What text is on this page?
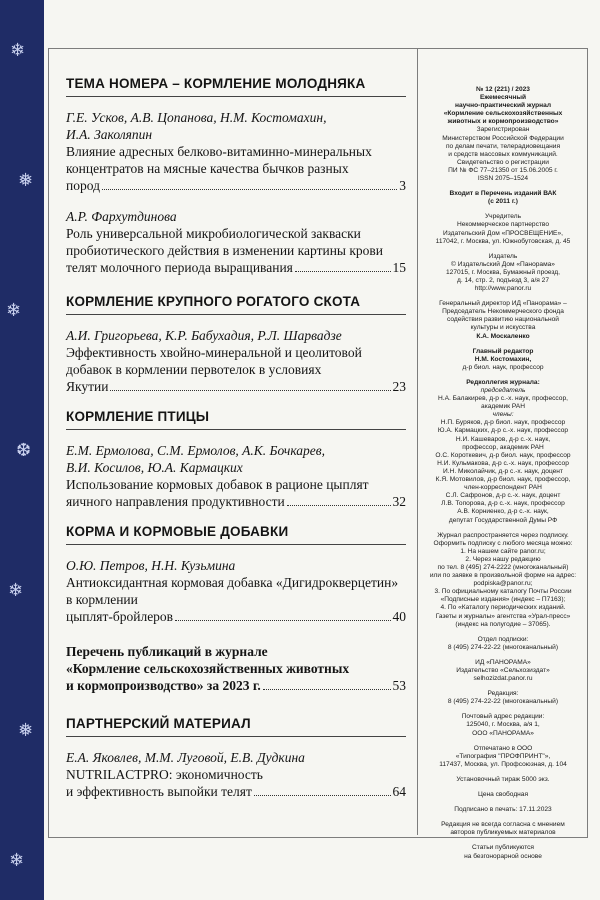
❄
❅
❄
❆
❄
❅
❄

ТЕМА НОМЕРА – КОРМЛЕНИЕ МОЛОДНЯКА

Г.Е. Усков, А.В. Цопанова, Н.М. Костомахин,

И.А. Заколяпин

Влияние адресных белково-витаминно-минеральных

концентратов на мясные качества бычков разных

пород	3

А.Р. Фархутдинова

Роль универсальной микробиологической закваски

пробиотического действия в изменении картины крови

телят молочного периода выращивания	15

КОРМЛЕНИЕ КРУПНОГО РОГАТОГО СКОТА

А.И. Григорьева, К.Р. Бабухадия, Р.Л. Шарвадзе

Эффективность хвойно-минеральной и цеолитовой

добавок в кормлении первотелок в условиях

Якутии	23

КОРМЛЕНИЕ ПТИЦЫ

Е.М. Ермолова, С.М. Ермолов, А.К. Бочкарев,

В.И. Косилов, Ю.А. Кармацких

Использование кормовых добавок в рационе цыплят

яичного направления продуктивности	32

КОРМА И КОРМОВЫЕ ДОБАВКИ

О.Ю. Петров, Н.Н. Кузьмина

Антиоксидантная кормовая добавка «Дигидрокверцетин»

в кормлении

цыплят-бройлеров	40

Перечень публикаций в журнале

«Кормление сельскохозяйственных животных

и кормопроизводство» за 2023 г.	53

ПАРТНЕРСКИЙ МАТЕРИАЛ

Е.А. Яковлев, М.М. Луговой, Е.В. Дудкина

NUTRILACTPRO: экономичность

и эффективность выпойки телят	64

№ 12 (221) / 2023

Ежемесячный

научно-практический журнал

«Кормление сельскохозяйственных

животных и кормопроизводство»

Зарегистрирован

Министерством Российской Федерации

по делам печати, телерадиовещания

и средств массовых коммуникаций.

Свидетельство о регистрации

ПИ № ФС 77–21350 от 15.06.2005 г.

ISSN 2075–1524

Входит в Перечень изданий ВАК

(с 2011 г.)

Учредитель

Некоммерческое партнерство

Издательский Дом «ПРОСВЕЩЕНИЕ»,

117042, г. Москва, ул. Южнобутовская, д. 45

Издатель

© Издательский Дом «Панорама»

127015, г. Москва, Бумажный проезд,

д. 14, стр. 2, подъезд 3, а/я 27

http://www.panor.ru

Генеральный директор ИД «Панорама» –

Председатель Некоммерческого фонда

содействия развитию национальной

культуры и искусства

К.А. Москаленко

Главный редактор

Н.М. Костомахин,

д-р биол. наук, профессор

Редколлегия журнала:

председатель

Н.А. Балакирев, д-р с.-х. наук, профессор,

академик РАН

члены:

Н.П. Буряков, д-р биол. наук, профессор

Ю.А. Кармацких, д-р с.-х. наук, профессор

Н.И. Кашеваров, д-р с.-х. наук,

профессор, академик РАН

О.С. Короткевич, д-р биол. наук, профессор

Н.И. Кульмакова, д-р с.-х. наук, профессор

И.Н. Миколайчик, д-р с.-х. наук, доцент

К.Я. Мотовилов, д-р биол. наук, профессор,

член-корреспондент РАН

С.Л. Сафронов, д-р с.-х. наук, доцент

Л.В. Топорова, д-р с.-х. наук, профессор

А.В. Корниенко, д-р с.-х. наук,

депутат Государственной Думы РФ

Журнал распространяется через подписку.

Оформить подписку с любого месяца можно:

1. На нашем сайте panor.ru;

2. Через нашу редакцию

по тел. 8 (495) 274-2222 (многоканальный)

или по заявке в произвольной форме на адрес:

podpiska@panor.ru;

3. По официальному каталогу Почты России

«Подписные издания» (индекс – П7163);

4. По «Каталогу периодических изданий.

Газеты и журналы» агентства «Урал-пресс»

(индекс на полугодие – 37065).

Отдел подписки:

8 (495) 274-22-22 (многоканальный)

ИД «ПАНОРАМА»

Издательство «Сельхозиздат»

selhozizdat.panor.ru

Редакция:

8 (495) 274-22-22 (многоканальный)

Почтовый адрес редакции:

125040, г. Москва, а/я 1,

ООО «ПАНОРАМА»

Отпечатано в ООО

«Типография "ПРОФПРИНТ"»,

117437, Москва, ул. Профсоюзная, д. 104

Установочный тираж 5000 экз.

Цена свободная

Подписано в печать: 17.11.2023

Редакция не всегда согласна с мнением

авторов публикуемых материалов

Статьи публикуются

на безгонорарной основе
